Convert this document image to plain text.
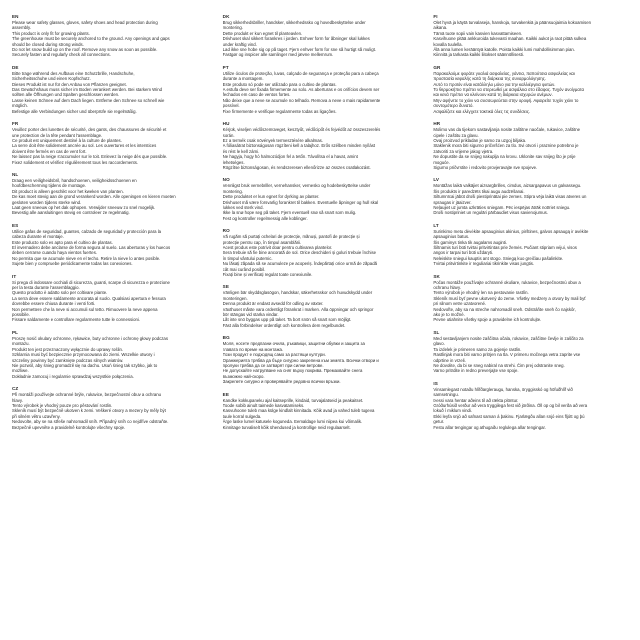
EN
Please wear safety glasses, gloves, safety shoes and head protection during
assembly.
This product is only fit for growing plants.
The greenhouse must be securely anchored to the ground. Any openings and gaps
should be closed during strong winds.
Do not let snow build up on the roof. Remove any snow as soon as possible.
Securely fasten and regularly check all connections.
DE
Bitte trage während des Aufbaus eine Schutzbrille, Handschuhe,
Sicherheitsschuhe und einen Kopfschutz.
Dieses Produkt ist nur für den Anbau von Pflanzen geeignet.
Das Gewächshaus muss sicher im Boden verankert werden. Bei starkem Wind
sollten alle Öffnungen und Spalten geschlossen werden.
Lasse keinen Schnee auf dem Dach liegen. Entferne den Schnee so schnell wie
möglich.
Befestige alle Verbindungen sicher und überprüfe sie regelmäßig.
FR
Veuillez porter des lunettes de sécurité, des gants, des chaussures de sécurité et
une protection de la tête pendant l'assemblage.
Ce produit est uniquement destiné à la culture de plantes.
La serre doit être solidement ancrée au sol. Les ouvertures et les interstices
doivent être fermés en cas de vent fort.
Ne laissez pas la neige s'accumuler sur le toit. Enlevez la neige dès que possible.
Fixez solidement et vérifiez régulièrement tous les raccordements.
NL
Draag een veiligheidsbril, handschoenen, veiligheidsschoenen en
hoofdbescherming tijdens de montage.
Dit product is alleen geschikt voor het kweken van planten.
De kas moet stevig aan de grond verankerd worden. Alle openingen en kieren moeten
gesloten worden tijdens sterke wind.
Laat geen sneeuw op het dak ophopen. Verwijder sneeuw zo snel mogelijk.
Bevestig alle aansluitingen stevig en controleer ze regelmatig.
ES
Utilice gafas de seguridad, guantes, calzado de seguridad y protección para la
cabeza durante el montaje.
Este producto solo es apto para el cultivo de plantas.
El invernadero debe anclarse de forma segura al suelo. Las aberturas y los huecos
deben cerrarse cuando haya vientos fuertes.
No permita que se acumule nieve en el techo. Retire la nieve lo antes posible.
Sujete bien y compruebe periódicamente todas las conexiones.
IT
Si prega di indossare occhiali di sicurezza, guanti, scarpe di sicurezza e protezione
per la testa durante l'assemblaggio.
Questo prodotto è adatto solo per coltivare piante.
La serra deve essere saldamente ancorata al suolo. Qualsiasi apertura e fessura
dovrebbe essere chiusa durante i venti forti.
Non permettere che la neve si accumuli sul tetto. Rimuovere la neve appena
possibile.
Fissare saldamente e controllare regolarmente tutte le connessioni.
PL
Proszę nosić okulary ochronne, rękawice, buty ochronne i ochronę głowy podczas
montażu.
Produkt ten jest przeznaczony wyłącznie do uprawy roślin.
Szklarnia musi być bezpiecznie przymocowana do ziemi. Wszelkie otwory i
szczeliny powinny być zamknięte podczas silnych wiatrów.
Nie pozwól, aby śnieg gromadził się na dachu. Usuń śnieg tak szybko, jak to
możliwe.
Dokładnie zamocuj i regularnie sprawdzaj wszystkie połączenia.
CZ
Při montáži používejte ochranné brýle, rukavice, bezpečnostní obuv a ochranu
hlavy.
Tento výrobek je vhodný pouze pro pěstování rostlin.
Skleník musí být bezpečně ukotven k zemi. Veškeré otvory a mezery by měly být
při silném větru uzavřeny.
Nedovolte, aby se na střeše nahromadil sníh. Případný sníh co nejdříve odstraňte.
Bezpečně upevněte a pravidelně kontrolujte všechny spoje.
DK
Brug sikkerhedsbriller, handsker, sikkerhedssko og hovedbeskyttelse under
montering.
Dette produkt er kun egnet til planteavlen.
Drivhuset skal sikkert forankres i jorden. Enhver form for åbninger skal lukkes
under kraftig vind.
Lad ikke sne hobe sig op på taget. Fjern enhver form for sne så hurtigt så muligt.
Fastgør og inspicer alle samlinger med jævne mellemrum.
PT
Utilize óculos de proteção, luvas, calçado de segurança e proteção para a cabeça
durante a montagem.
Este produto só pode ser utilizado para o cultivo de plantas.
A estufa deve ser fixada firmemente ao solo. As aberturas e os orifícios devem ser
fechados em caso de ventos fortes.
Não deixe que a neve se acumule no telhado. Remova a neve o mais rapidamente
possível.
Fixe firmemente e verifique regularmente todas as ligações.
HU
Kérjük, viseljen védőszemüveget, kesztyűt, védőcipőt és fejvédőt az összeszerelés
során.
Ez a termék csak növények termesztésére alkalmas.
A fóliasátrat biztonságosan rögzíteni kell a talajhoz. Erős szélben minden nyílást
és rést le kell zárni.
Ne hagyja, hogy hó halmozódjon fel a tetőn. Távolítsa el a havat, amint
lehetséges.
Rögzítse biztonságosan, és rendszeresen ellenőrizze az összes csatlakozást.
NO
Vennligst bruk vernebriller, vernehansker, vernesko og hodebeskyttelse under
montering.
Dette produktet er kun egnet for dyrking av planter.
Drivhuset må være forsvarlig forankret til bakken. Eventuelle åpninger og hull skal
lukkes ved sterk vind.
Ikke la snø hope seg på taket. Fjern eventuell snø så snart som mulig.
Fest og kontroller regelmessig alle koblinger.
RO
Vă rugăm să purtați ochelari de protecție, mănuși, pantofi de protecție și
protecție pentru cap, în timpul asamblării.
Acest produs este potrivit doar pentru cultivarea plantelor.
Sera trebuie să fie bine ancorată de sol. Orice deschideri și goluri trebuie închise
în timpul vântului puternic.
Nu lăsați zăpada să se acumuleze pe acoperiș. Îndepărtați orice urmă de zăpadă
cât mai curând posibil.
Fixați bine și verificați regulat toate conexiunile.
SE
Vänligen bär skyddsglasögon, handskar, säkerhetsskor och huvudskydd under
monteringen.
Denna produkt är endast avsedd för odling av växter.
Växthuset måste vara ordentligt förankrat i marken. Alla öppningar och springor
bör stängas vid starka vindar.
Låt inte snö byggas upp på taket. Ta bort snön så snart som möjligt.
Fäst alla förbindelser ordentligt och kontrollera dem regelbundet.
BG
Моля, носете предпазни очила, ръкавици, защитни обувки и защита за
главата по време на монтажа.
Този продукт е подходящ само за растящи култури.
Оранжерията трябва да бъде сигурно закрепена към земята. Всички отвори и
пролуки трябва да се затварят при силни ветрове.
Не допускайте натрупване на сняг върху покрива. Премахвайте снега
възможно най-скоро.
Закрепете сигурно и проверявайте редовно всички връзки.
EE
Kandke kokkupaneku ajal kaitseprille, kindaid, turvajalatseid ja peakaitset.
Toode sobib ainult taimede kasvatamiseks.
Kasvuhoone tuleb maa külge kindlalt kinnitada. Kõik avad ja vahed tuleb tugeva
tuule korral sulgeda.
Ärge laske lumel katusele koguneda. Eemaldage lumi niipea kui võimalik.
Kinnitage turvaliselt kõik ühendused ja kontrollige neid regulaarselt.
FI
Olet hyvä ja käytä turvalaseja, hanskoja, turvakenkiä ja päänsuojaimia kokoamisen
aikana.
Tämä tuote sopii vain kasvien kasvattamiseen.
Kasvihuone pitää ankkuroida tukevasti maahan. Kaikki aukot ja raot pitää sulkea
kovalla tuulella.
Älä anna lumen kerääntyä katolle. Poista kaikki lumi mahdollisimman pian.
Kiinnitä ja tarkasta kaikki liitokset säännöllisesti.
GR
Παρακαλούμε φοράτε γυαλιά ασφαλείας, γάντια, παπούτσια ασφαλείας και
προστασία κεφαλής κατά τη διάρκεια της συναρμολόγησης.
Αυτό το προϊόν είναι κατάλληλο μόνο για την καλλιέργεια φυτών.
Το θερμοκήπιο πρέπει να στερεωθεί με ασφάλεια στο έδαφος. Τυχόν ανοίγματα
και κενά πρέπει να κλείνουν κατά τη διάρκεια ισχυρών ανέμων.
Μην αφήνετε το χιόνι να συσσωρεύεται στην οροφή. Αφαιρείτε τυχόν χιόνι το
συντομότερο δυνατό.
Ασφαλίζετε και ελέγχετε τακτικά όλες τις συνδέσεις.
HR
Molimo vas da tijekom sastavljanja nosite zaštitne naočale, rukavice, zaštitne
cipele i zaštitu za glavu.
Ovaj proizvod prikladan je samo za uzgoj biljaka.
Staklenik mora biti sigurno pričvršćen za tlo. Svi otvori i praznine potrebno je
zatvoriti za vrijeme jakog vjetra.
Ne dopustite da se snijeg nakuplja na krovu. Uklonite sav snijeg što je prije
moguće.
Sigurno pričvrstite i redovito provjeravajte sve spojeve.
LV
Montāžas laikā valkājiet aizsargbrilles, cimdus, aizsargapavus un galvassegu.
Šis produkts ir paredzēts tikai augu audzēšanai.
Siltumnīcai jābūt droši piestiprinātai pie zemes. Stipra vēja laikā visas atveres un
spraugas ir jāaizver.
Neļaujiet uz jumta uzkrāties sniegam. Pēc iespējas ātrāk notīriet sniegu.
Droši nostipriniet un regulāri pārbaudiet visus savienojumus.
LT
Surinkimo metu dėvėkite apsauginius akinius, pirštines, galvos apsaugą ir avėkite
apsauginius batus.
Šis gaminys tinka tik augalams auginti.
Šiltnamis turi būti tvirtai pritvirtintas prie žemės. Pučiant stipriam vėjui, visos
angos ir tarpai turi būti uždaryti.
Neleiskite sniegui kauptis ant stogo. Sniegą kuo greičiau pašalinkite.
Tvirtai pritvirtinkite ir reguliariai tikrinkite visas jungtis.
SK
Počas montáže používajte ochranné okuliare, rukavice, bezpečnostnú obuv a
ochranu hlavy.
Tento výrobok je vhodný len na pestovanie rastlín.
Skleník musí byť pevne ukotvený do zeme. Všetky medzery a otvory by mali byť
pri silnom vetre uzatvorené.
Nedovoľte, aby sa na streche nahromadil sneh. Odstráňte sneh čo najskôr,
ako je to možné.
Pevne utiahnite všetky spoje a pravidelne ich kontrolujte.
SL
Med sestavljanjem nosite zaščitna očala, rokavice, zaščitne čevlje in zaščito za
glavo.
Ta izdelek je primeren samo za gojenje rastlin.
Rastlinjak mora biti varno pritrjen na tla. V primeru močnega vetra zaprite vse
odprtine in vrzeli.
Ne dovolite, da bi se sneg nabiral na strehi. Čim prej odstranite sneg.
Varno pritrdite in redno preverjajte vse spoje.
IS
Vinsamlegast notaðu hlífðargleraugu, hanska, öryggisskó og höfuðhlíf við
samsetningu.
Þessi vara hentar aðeins til að rækta plöntur.
Gróðurhúsið verður að vera tryggilega fest við jörðina. Öll op og bil verða að vera
lokuð í miklum vindi.
Ekki leyfa snjó að safnast saman á þakinu. Fjarlægðu allan snjó eins fljótt og þú
getur.
Festu allar tengingar og athugaðu reglulega allar tengingar.
